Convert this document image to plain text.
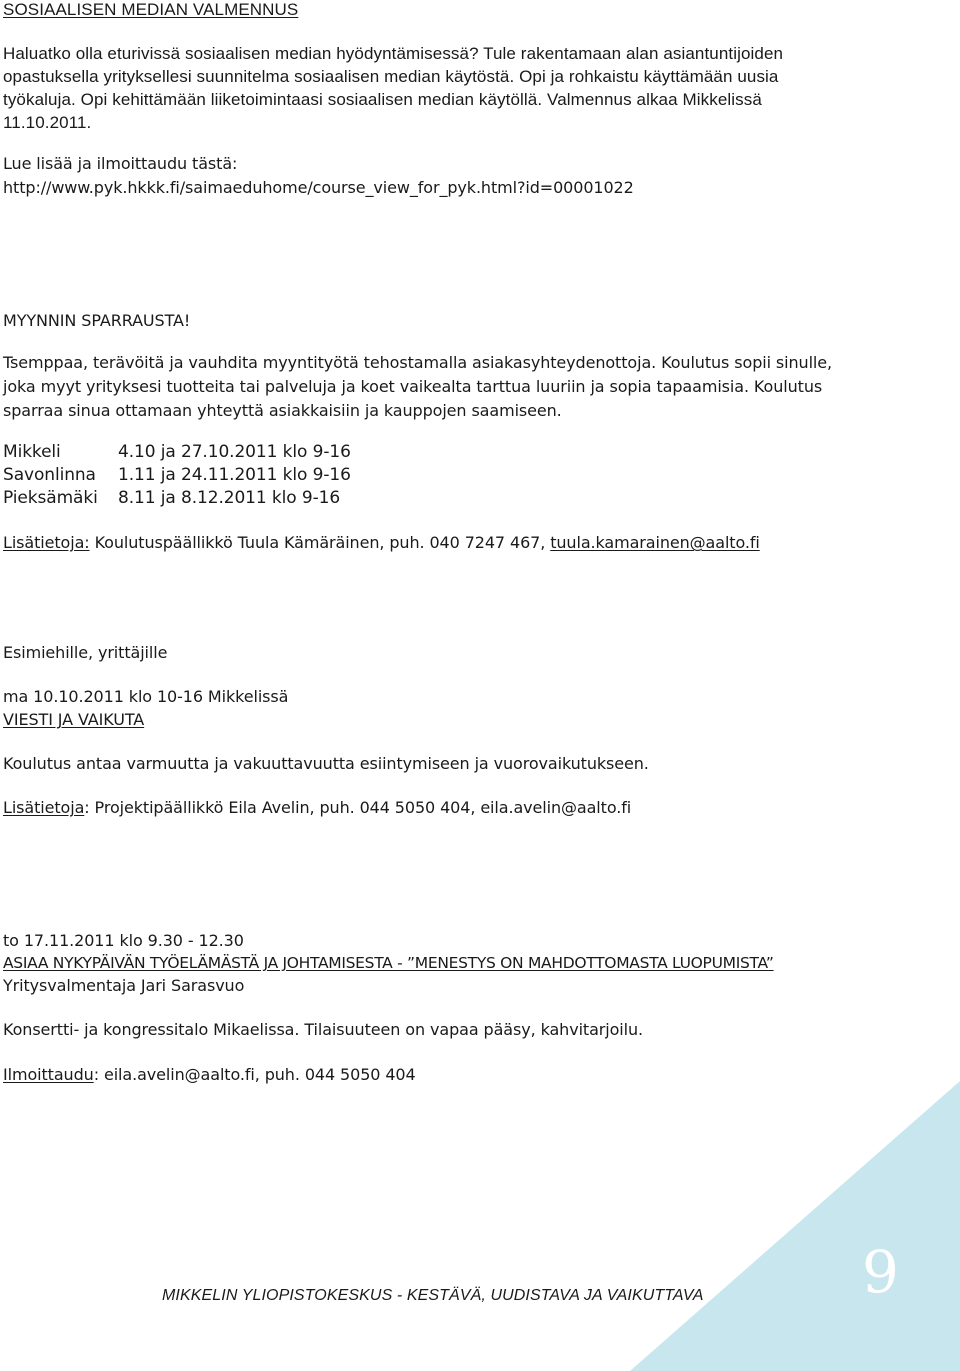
SOSIAALISEN MEDIAN VALMENNUS
Haluatko olla eturivissä sosiaalisen median hyödyntämisessä? Tule rakentamaan alan asiantuntijoiden
opastuksella yrityksellesi suunnitelma sosiaalisen median käytöstä. Opi ja rohkaistu käyttämään uusia
työkaluja. Opi kehittämään liiketoimintaasi sosiaalisen median käytöllä. Valmennus alkaa Mikkelissä
11.10.2011.
Lue lisää ja ilmoittaudu tästä:
http://www.pyk.hkkk.fi/saimaeduhome/course_view_for_pyk.html?id=00001022
MYYNNIN SPARRAUSTA!
Tsemppaa, terävöitä ja vauhdita myyntityötä tehostamalla asiakasyhteydenottoja. Koulutus sopii sinulle,
joka myyt yrityksesi tuotteita tai palveluja ja koet vaikealta tarttua luuriin ja sopia tapaamisia. Koulutus
sparraa sinua ottamaan yhteyttä asiakkaisiin ja kauppojen saamiseen.
Mikkeli	4.10 ja 27.10.2011 klo 9-16
Savonlinna 1.11 ja 24.11.2011 klo 9-16
Pieksämäki 8.11 ja 8.12.2011 klo 9-16
Lisätietoja: Koulutuspäällikkö Tuula Kämäräinen, puh. 040 7247 467, tuula.kamarainen@aalto.fi
Esimiehille, yrittäjille
ma 10.10.2011 klo 10-16 Mikkelissä
VIESTI JA VAIKUTA
Koulutus antaa varmuutta ja vakuuttavuutta esiintymiseen ja vuorovaikutukseen.
Lisätietoja: Projektipäällikkö Eila Avelin, puh. 044 5050 404, eila.avelin@aalto.fi
to 17.11.2011 klo 9.30 - 12.30
ASIAA NYKYPÄIVÄN TYÖELÄMÄSTÄ JA JOHTAMISESTA - ”MENESTYS ON MAHDOTTOMASTA LUOPUMISTA”
Yritysvalmentaja Jari Sarasvuo
Konsertti- ja kongressitalo Mikaelissa. Tilaisuuteen on vapaa pääsy, kahvitarjoilu.
Ilmoittaudu: eila.avelin@aalto.fi, puh. 044 5050 404
9
MIKKELIN YLIOPISTOKESKUS - KESTÄVÄ, UUDISTAVA JA VAIKUTTAVA
